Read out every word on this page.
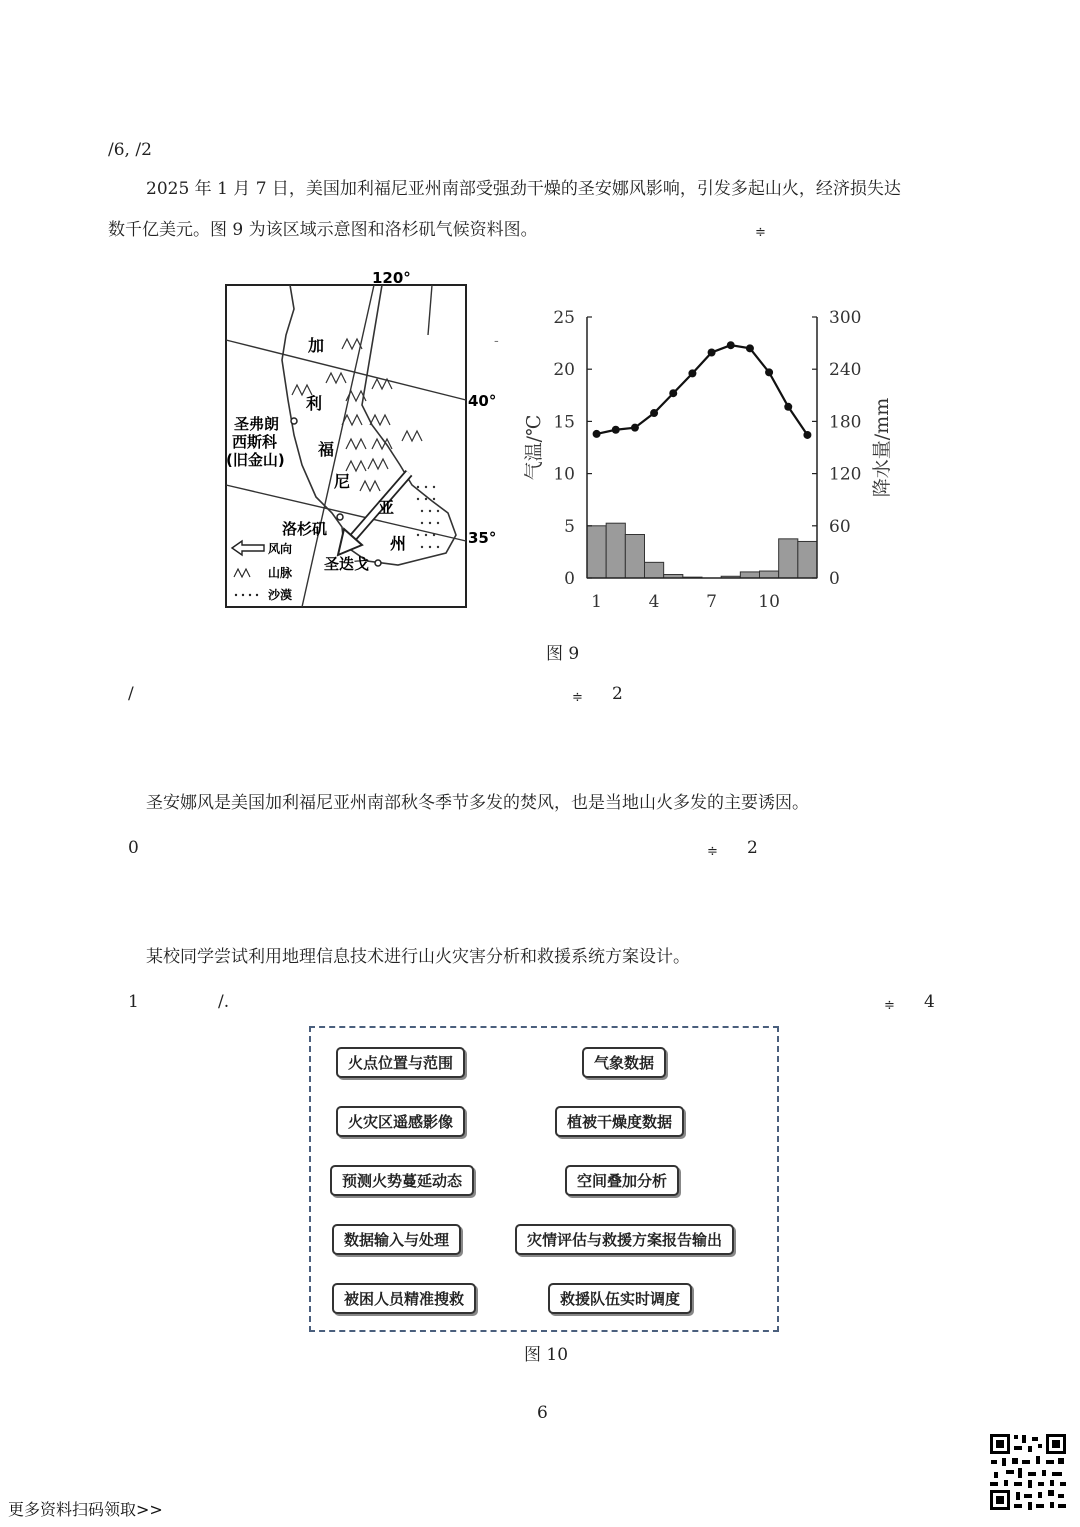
/6, /2
2025 年 1 月 7 日，美国加利福尼亚州南部受强劲干燥的圣安娜风影响，引发多起山火，经济损失达
数千亿美元。图 9 为该区域示意图和洛杉矶气候资料图。	≑
120°
40°
35°
加
利
福
尼
亚
州
圣弗朗
西斯科
(旧金山)
洛杉矶
圣迭戈
风向
山脉
沙漠
-
0
5
10
15
20
25
0
60
120
180
240
300
1	4	7 10
气温/℃	降水量/mm
图 9
/	≑ 2
圣安娜风是美国加利福尼亚州南部秋冬季节多发的焚风，也是当地山火多发的主要诱因。
0	≑ 2
某校同学尝试利用地理信息技术进行山火灾害分析和救援系统方案设计。
1	/.	≑ 4
火点位置与范围
火灾区遥感影像
预测火势蔓延动态
数据输入与处理
被困人员精准搜救
气象数据
植被干燥度数据
空间叠加分析
灾情评估与救援方案报告输出
救援队伍实时调度
图 10
6
更多资料扫码领取>>
